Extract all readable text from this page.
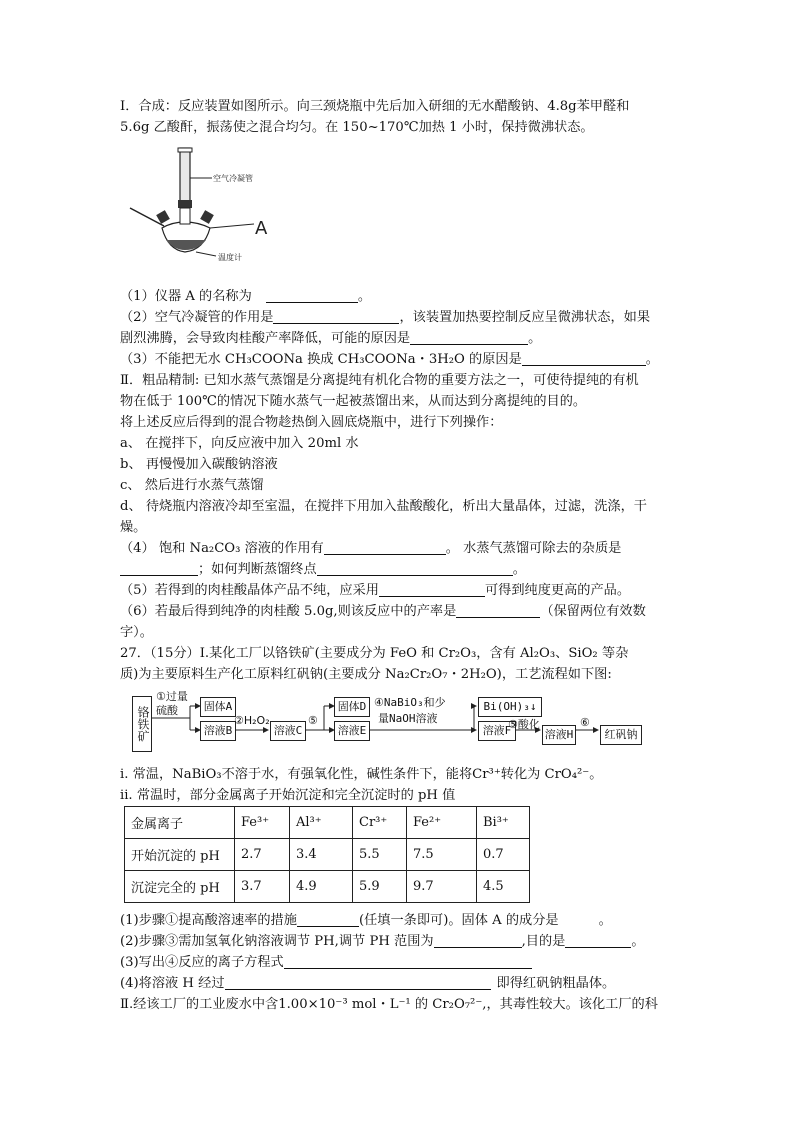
Ⅰ．合成：反应装置如图所示。向三颈烧瓶中先后加入研细的无水醋酸钠、4.8g苯甲醛和
5.6g 乙酸酐，振荡使之混合均匀。在 150~170℃加热 1 小时，保持微沸状态。
空气冷凝管
A
温度计
（1）仪器 A 的名称为	。
（2）空气冷凝管的作用是	，该装置加热要控制反应呈微沸状态，如果
剧烈沸腾，会导致肉桂酸产率降低，可能的原因是	。
（3）不能把无水 CH₃COONa 换成 CH₃COONa・3H₂O 的原因是	。
Ⅱ．粗品精制: 已知水蒸气蒸馏是分离提纯有机化合物的重要方法之一，可使待提纯的有机
物在低于 100℃的情况下随水蒸气一起被蒸馏出来，从而达到分离提纯的目的。
将上述反应后得到的混合物趁热倒入圆底烧瓶中，进行下列操作：
a、 在搅拌下，向反应液中加入 20ml 水
b、 再慢慢加入碳酸钠溶液
c、 然后进行水蒸气蒸馏
d、 待烧瓶内溶液冷却至室温，在搅拌下用加入盐酸酸化，析出大量晶体，过滤，洗涤，干
燥。
（4） 饱和 Na₂CO₃ 溶液的作用有	。 水蒸气蒸馏可除去的杂质是
；如何判断蒸馏终点	。
（5）若得到的肉桂酸晶体产品不纯，应采用	可得到纯度更高的产品。
（6）若最后得到纯净的肉桂酸 5.0g,则该反应中的产率是	（保留两位有效数
字）。
27．（15分）Ⅰ.某化工厂以铬铁矿(主要成分为 FeO 和 Cr₂O₃，含有 Al₂O₃、SiO₂ 等杂
质)为主要原料生产化工原料红矾钠(主要成分 Na₂Cr₂O₇・2H₂O)，工艺流程如下图:
铬铁矿
①过量
硫酸	固体A
溶液B
②H₂O₂
溶液C
⑤
固体D
溶液E
④NaBiO₃和少
量NaOH溶液
Bi(OH)₃↓
溶液F
⑤酸化
溶液H
⑥
红矾钠
i. 常温，NaBiO₃不溶于水，有强氧化性，碱性条件下，能将Cr³⁺转化为 CrO₄²⁻。
ii. 常温时，部分金属离子开始沉淀和完全沉淀时的 pH 值
金属离子	Fe³⁺	Al³⁺	Cr³⁺	Fe²⁺	Bi³⁺
开始沉淀的 pH	2.7	3.4	5.5	7.5	0.7
沉淀完全的 pH	3.7	4.9	5.9	9.7	4.5
(1)步骤①提高酸溶速率的措施	(任填一条即可)。固体 A 的成分是	。
(2)步骤③需加氢氧化钠溶液调节 PH,调节 PH 范围为	,目的是	。
(3)写出④反应的离子方程式
(4)将溶液 H 经过	即得红矾钠粗晶体。
Ⅱ.经该工厂的工业废水中含1.00×10⁻³ mol・L⁻¹ 的 Cr₂O₇²⁻,，其毒性较大。该化工厂的科
